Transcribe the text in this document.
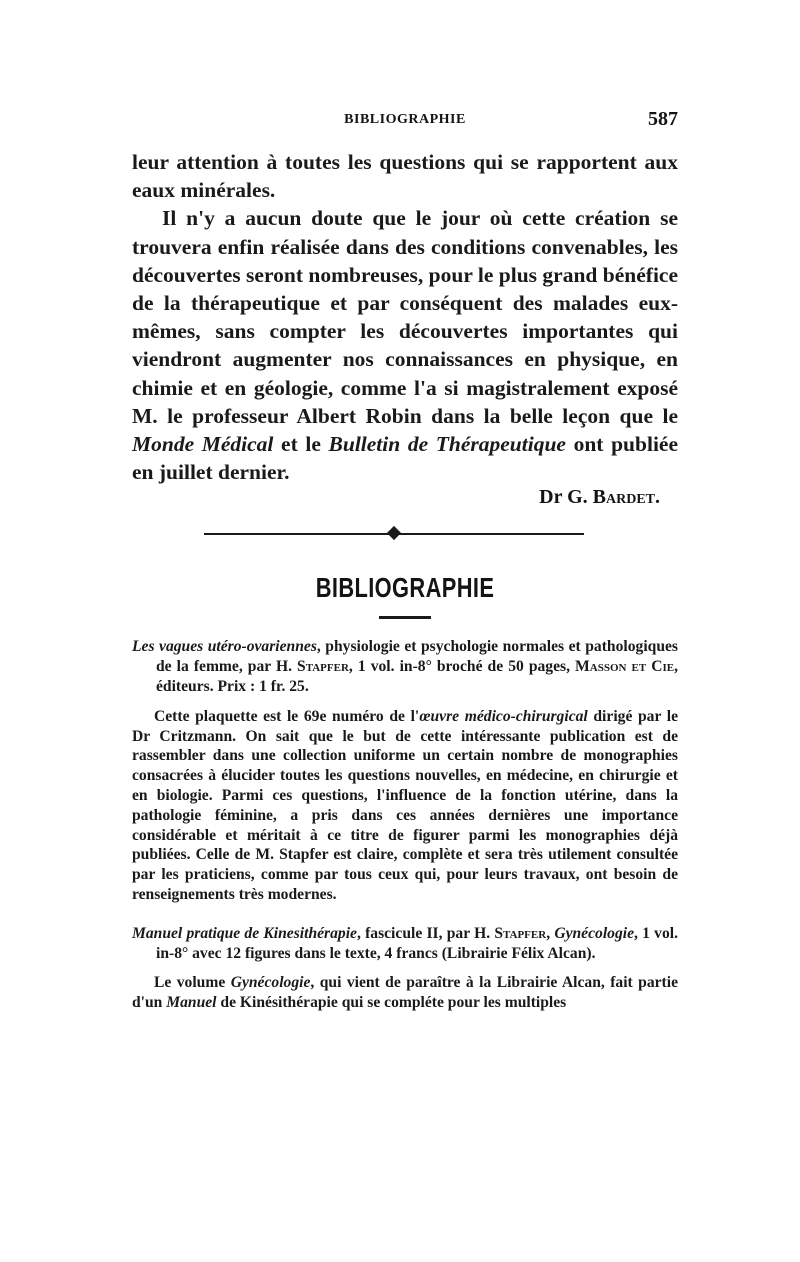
BIBLIOGRAPHIE	587

leur attention à toutes les questions qui se rapportent aux eaux minérales.

Il n'y a aucun doute que le jour où cette création se trouvera enfin réalisée dans des conditions convenables, les découvertes seront nombreuses, pour le plus grand bénéfice de la thérapeutique et par conséquent des malades eux-mêmes, sans compter les découvertes importantes qui viendront augmenter nos connaissances en physique, en chimie et en géologie, comme l'a si magistralement exposé M. le professeur Albert Robin dans la belle leçon que le Monde Médical et le Bulletin de Thérapeutique ont publiée en juillet dernier.

Dr G. Bardet.
BIBLIOGRAPHIE
Les vagues utéro-ovariennes, physiologie et psychologie normales et pathologiques de la femme, par H. Stapfer, 1 vol. in-8° broché de 50 pages, Masson et Cie, éditeurs. Prix : 1 fr. 25.
Cette plaquette est le 69e numéro de l'œuvre médico-chirurgical dirigé par le Dr Critzmann. On sait que le but de cette intéressante publication est de rassembler dans une collection uniforme un certain nombre de monographies consacrées à élucider toutes les questions nouvelles, en médecine, en chirurgie et en biologie. Parmi ces questions, l'influence de la fonction utérine, dans la pathologie féminine, a pris dans ces années dernières une importance considérable et méritait à ce titre de figurer parmi les monographies déjà publiées. Celle de M. Stapfer est claire, complète et sera très utilement consultée par les praticiens, comme par tous ceux qui, pour leurs travaux, ont besoin de renseignements très modernes.
Manuel pratique de Kinesithérapie, fascicule II, par H. Stapfer, Gynécologie, 1 vol. in-8° avec 12 figures dans le texte, 4 francs (Librairie Félix Alcan).
Le volume Gynécologie, qui vient de paraître à la Librairie Alcan, fait partie d'un Manuel de Kinésithérapie qui se compléte pour les multiples
